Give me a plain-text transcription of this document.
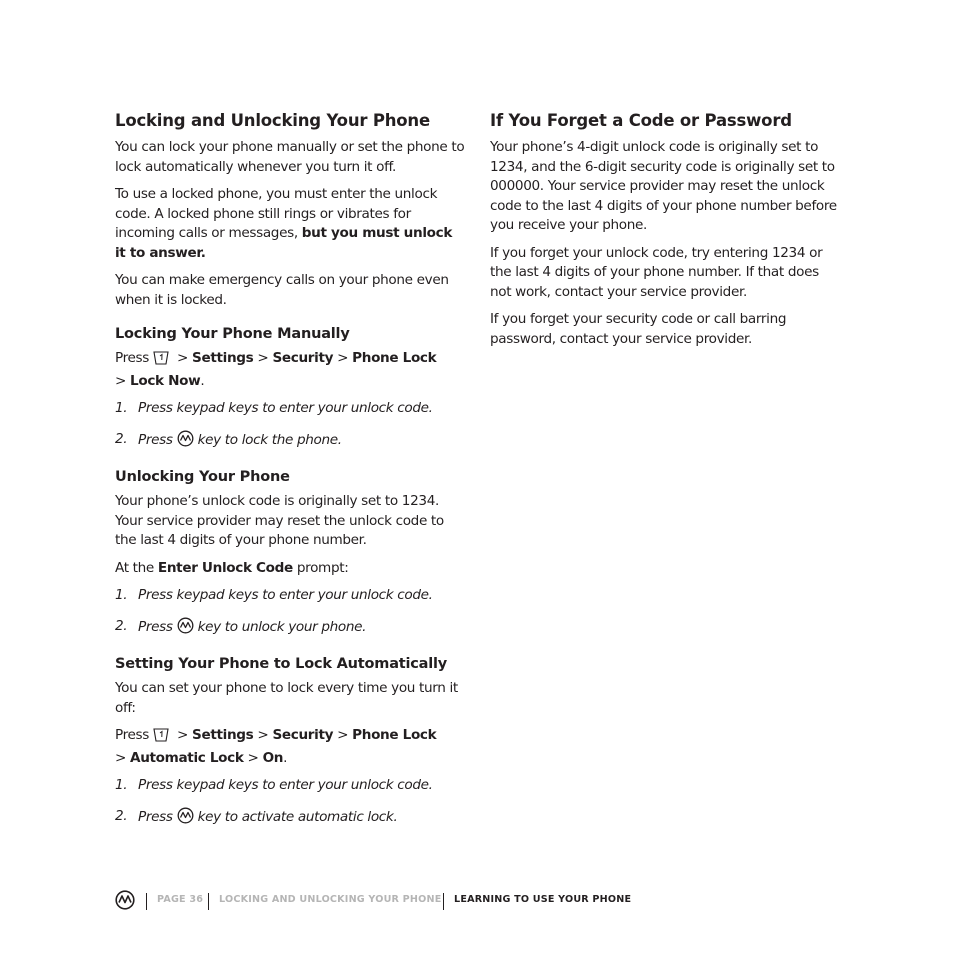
Locking and Unlocking Your Phone

You can lock your phone manually or set the phone to lock automatically whenever you turn it off.

To use a locked phone, you must enter the unlock code. A locked phone still rings or vibrates for incoming calls or messages, but you must unlock it to answer.

You can make emergency calls on your phone even when it is locked.

Locking Your Phone Manually

Press > Settings > Security > Phone Lock
> Lock Now.

1. Press keypad keys to enter your unlock code.
2. Press key to lock the phone.
Unlocking Your Phone

Your phone’s unlock code is originally set to 1234. Your service provider may reset the unlock code to the last 4 digits of your phone number.

At the Enter Unlock Code prompt:

1. Press keypad keys to enter your unlock code.
2. Press key to unlock your phone.
Setting Your Phone to Lock Automatically

You can set your phone to lock every time you turn it off:

Press > Settings > Security > Phone Lock
> Automatic Lock > On.

1. Press keypad keys to enter your unlock code.
2. Press key to activate automatic lock.
If You Forget a Code or Password

Your phone’s 4-digit unlock code is originally set to 1234, and the 6-digit security code is originally set to 000000. Your service provider may reset the unlock code to the last 4 digits of your phone number before you receive your phone.

If you forget your unlock code, try entering 1234 or the last 4 digits of your phone number. If that does not work, contact your service provider.

If you forget your security code or call barring password, contact your service provider.

PAGE 36 LOCKING AND UNLOCKING YOUR PHONE LEARNING TO USE YOUR PHONE
